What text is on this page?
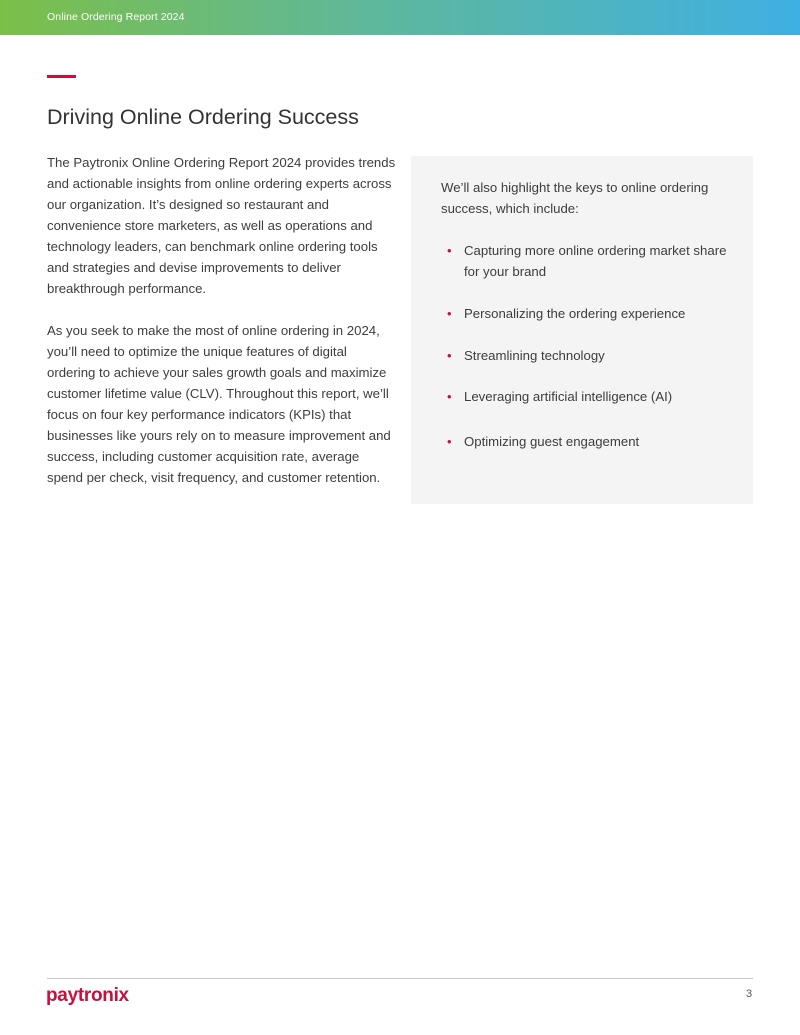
Online Ordering Report 2024
Driving Online Ordering Success

The Paytronix Online Ordering Report 2024 provides trends and actionable insights from online ordering experts across our organization. It’s designed so restaurant and convenience store marketers, as well as operations and technology leaders, can benchmark online ordering tools and strategies and devise improvements to deliver breakthrough performance.

As you seek to make the most of online ordering in 2024, you’ll need to optimize the unique features of digital ordering to achieve your sales growth goals and maximize customer lifetime value (CLV). Throughout this report, we’ll focus on four key performance indicators (KPIs) that businesses like yours rely on to measure improvement and success, including customer acquisition rate, average spend per check, visit frequency, and customer retention.

We’ll also highlight the keys to online ordering success, which include:

• Capturing more online ordering market share for your brand
• Personalizing the ordering experience
• Streamlining technology
• Leveraging artificial intelligence (AI)
• Optimizing guest engagement
paytronix	3
